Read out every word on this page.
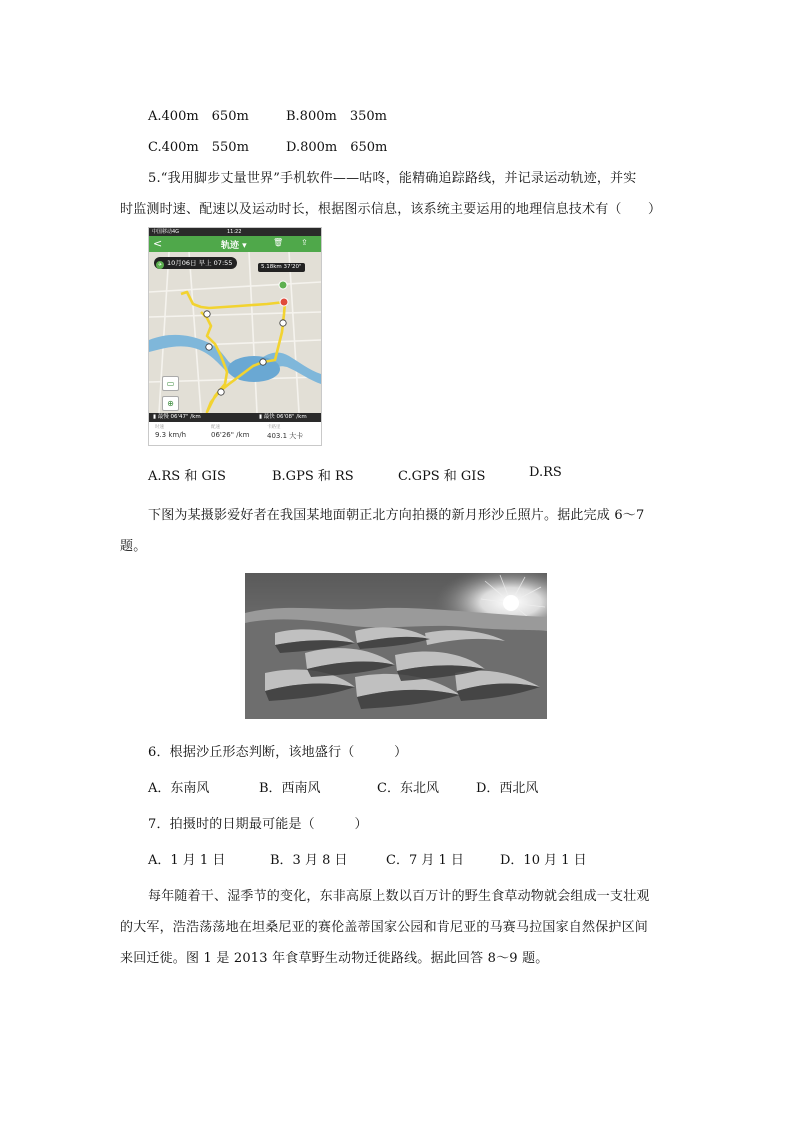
A.400m　650m	B.800m　350m
C.400m　550m	D.800m　650m
5.“我用脚步丈量世界”手机软件——咕咚，能精确追踪路线，并记录运动轨迹，并实
时监测时速、配速以及运动时长，根据图示信息，该系统主要运用的地理信息技术有（　　）
中国移动4G	11:22
<	轨迹 ▾	🗑 ⇪
✈ 10月06日 早上 07:55	5.18km 37'20"
▭
⊕
▮ 最慢 06'47" /km	▮ 最快 06'08" /km
时速
9.3 km/h
配速
06'26" /km
卡路里
403.1 大卡
A.RS 和 GIS	B.GPS 和 RS	C.GPS 和 GIS	D.RS
下图为某摄影爱好者在我国某地面朝正北方向拍摄的新月形沙丘照片。据此完成 6～7
题。
6．根据沙丘形态判断，该地盛行（　　　）
A．东南风	B．西南风	C．东北风	D．西北风
7．拍摄时的日期最可能是（　　　）
A．1 月 1 日	B．3 月 8 日	C．7 月 1 日	D．10 月 1 日
每年随着干、湿季节的变化，东非高原上数以百万计的野生食草动物就会组成一支壮观
的大军，浩浩荡荡地在坦桑尼亚的赛伦盖蒂国家公园和肯尼亚的马赛马拉国家自然保护区间
来回迁徙。图 1 是 2013 年食草野生动物迁徙路线。据此回答 8～9 题。
